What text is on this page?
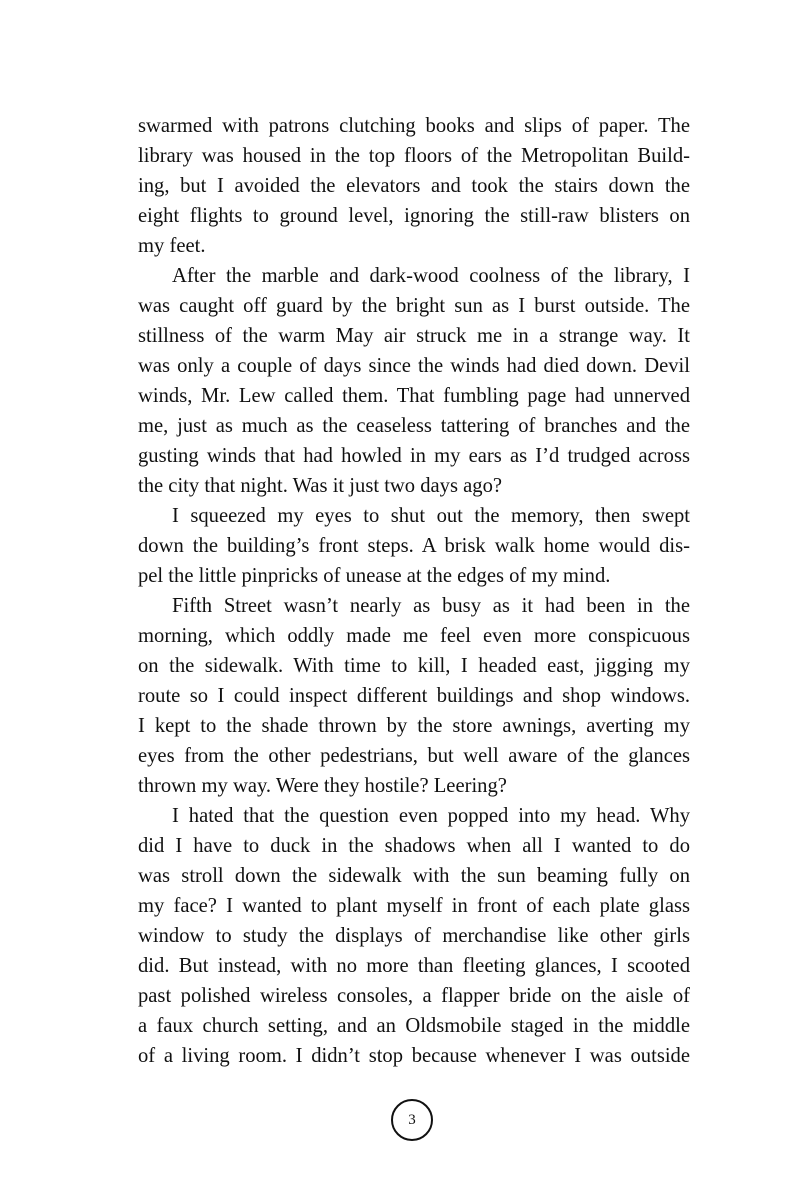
swarmed with patrons clutching books and slips of paper. The
library was housed in the top floors of the Metropolitan Build-
ing, but I avoided the elevators and took the stairs down the
eight flights to ground level, ignoring the still-raw blisters on
my feet.
After the marble and dark-wood coolness of the library, I
was caught off guard by the bright sun as I burst outside. The
stillness of the warm May air struck me in a strange way. It
was only a couple of days since the winds had died down. Devil
winds, Mr. Lew called them. That fumbling page had unnerved
me, just as much as the ceaseless tattering of branches and the
gusting winds that had howled in my ears as I’d trudged across
the city that night. Was it just two days ago?
I squeezed my eyes to shut out the memory, then swept
down the building’s front steps. A brisk walk home would dis-
pel the little pinpricks of unease at the edges of my mind.
Fifth Street wasn’t nearly as busy as it had been in the
morning, which oddly made me feel even more conspicuous
on the sidewalk. With time to kill, I headed east, jigging my
route so I could inspect different buildings and shop windows.
I kept to the shade thrown by the store awnings, averting my
eyes from the other pedestrians, but well aware of the glances
thrown my way. Were they hostile? Leering?
I hated that the question even popped into my head. Why
did I have to duck in the shadows when all I wanted to do
was stroll down the sidewalk with the sun beaming fully on
my face? I wanted to plant myself in front of each plate glass
window to study the displays of merchandise like other girls
did. But instead, with no more than fleeting glances, I scooted
past polished wireless consoles, a flapper bride on the aisle of
a faux church setting, and an Oldsmobile staged in the middle
of a living room. I didn’t stop because whenever I was outside
3
